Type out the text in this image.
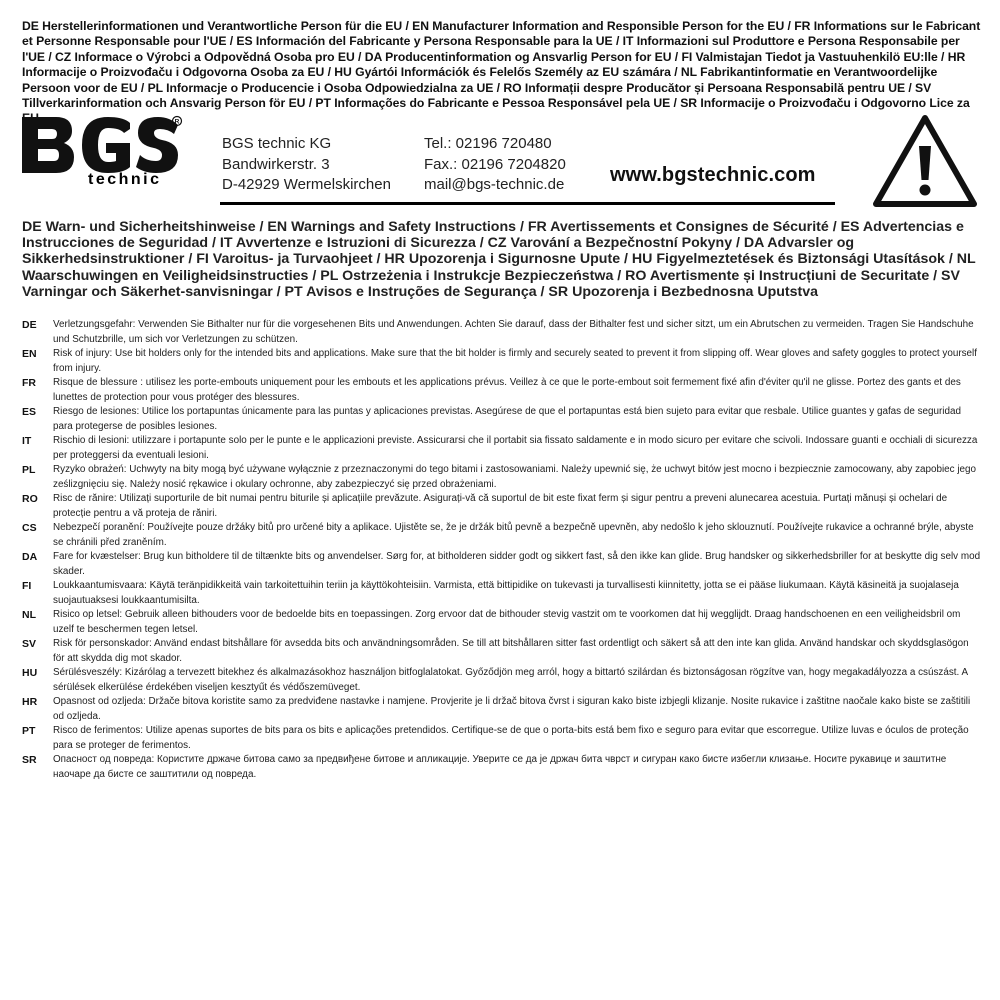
DE Herstellerinformationen und Verantwortliche Person für die EU / EN Manufacturer Information and Responsible Person for the EU / FR Informations sur le Fabricant et Personne Responsable pour l'UE / ES Información del Fabricante y Persona Responsable para la UE / IT Informazioni sul Produttore e Persona Responsabile per l'UE / CZ Informace o Výrobci a Odpovědná Osoba pro EU / DA Producentinformation og Ansvarlig Person for EU / FI Valmistajan Tiedot ja Vastuuhenkilö EU:lle / HR Informacije o Proizvođaču i Odgovorna Osoba za EU / HU Gyártói Információk és Felelős Személy az EU számára / NL Fabrikantinformatie en Verantwoordelijke Persoon voor de EU / PL Informacje o Producencie i Osoba Odpowiedzialna za UE / RO Informații despre Producător și Persoana Responsabilă pentru UE / SV Tillverkarinformation och Ansvarig Person för EU / PT Informações do Fabricante e Pessoa Responsável pela UE / SR Informacije o Proizvođaču i Odgovorno Lice za
R
technic
BGS technic KG
Bandwirkerstr. 3
D-42929 Wermelskirchen
Tel.: 02196 720480
Fax.: 02196 7204820
mail@bgs-technic.de www.bgstechnic.com
DE Warn- und Sicherheitshinweise / EN Warnings and Safety Instructions / FR Avertissements et Consignes de Sécurité / ES Advertencias e Instrucciones de Seguridad / IT Avvertenze e Istruzioni di Sicurezza / CZ Varování a Bezpečnostní Pokyny / DA Advarsler og Sikkerhedsinstruktioner / FI Varoitus- ja Turvaohjeet / HR Upozorenja i Sigurnosne Upute / HU Figyelmeztetések és Biztonsági Utasítások / NL Waarschuwingen en Veiligheidsinstructies / PL Ostrzeżenia i Instrukcje Bezpieczeństwa / RO Avertismente și Instrucțiuni de Securitate / SV Varningar och Säkerhet-sanvisningar / PT Avisos e Instruções de Segurança / SR Upozorenja i Bezbednosna Uputstva
DE	Verletzungsgefahr: Verwenden Sie Bithalter nur für die vorgesehenen Bits und Anwendungen. Achten Sie darauf, dass der Bithalter fest und sicher sitzt, um ein Abrutschen zu vermeiden. Tragen Sie Handschuhe und Schutzbrille, um sich vor Verletzungen zu schützen.
EN	Risk of injury: Use bit holders only for the intended bits and applications. Make sure that the bit holder is firmly and securely seated to prevent it from slipping off. Wear gloves and safety goggles to protect yourself from injury.
FR	Risque de blessure : utilisez les porte-embouts uniquement pour les embouts et les applications prévus. Veillez à ce que le porte-embout soit fermement fixé afin d'éviter qu'il ne glisse. Portez des gants et des lunettes de protection pour vous protéger des blessures.
ES	Riesgo de lesiones: Utilice los portapuntas únicamente para las puntas y aplicaciones previstas. Asegúrese de que el portapuntas está bien sujeto para evitar que resbale. Utilice guantes y gafas de seguridad para protegerse de posibles lesiones.
IT	Rischio di lesioni: utilizzare i portapunte solo per le punte e le applicazioni previste. Assicurarsi che il portabit sia fissato saldamente e in modo sicuro per evitare che scivoli. Indossare guanti e occhiali di sicurezza per proteggersi da eventuali lesioni.
PL	Ryzyko obrażeń: Uchwyty na bity mogą być używane wyłącznie z przeznaczonymi do tego bitami i zastosowaniami. Należy upewnić się, że uchwyt bitów jest mocno i bezpiecznie zamocowany, aby zapobiec jego ześlizgnięciu się. Należy nosić rękawice i okulary ochronne, aby zabezpieczyć się przed obrażeniami.
RO	Risc de rănire: Utilizați suporturile de bit numai pentru biturile și aplicațiile prevăzute. Asigurați-vă că suportul de bit este fixat ferm și sigur pentru a preveni alunecarea acestuia. Purtați mănuși și ochelari de protecție pentru a vă proteja de răniri.
CS	Nebezpečí poranění: Používejte pouze držáky bitů pro určené bity a aplikace. Ujistěte se, že je držák bitů pevně a bezpečně upevněn, aby nedošlo k jeho sklouznutí. Používejte rukavice a ochranné brýle, abyste se chránili před zraněním.
DA	Fare for kvæstelser: Brug kun bitholdere til de tiltænkte bits og anvendelser. Sørg for, at bitholderen sidder godt og sikkert fast, så den ikke kan glide. Brug handsker og sikkerhedsbriller for at beskytte dig selv mod skader.
FI	Loukkaantumisvaara: Käytä teränpidikkeitä vain tarkoitettuihin teriin ja käyttökohteisiin. Varmista, että bittipidike on tukevasti ja turvallisesti kiinnitetty, jotta se ei pääse liukumaan. Käytä käsineitä ja suojalaseja suojautuaksesi loukkaantumisilta.
NL	Risico op letsel: Gebruik alleen bithouders voor de bedoelde bits en toepassingen. Zorg ervoor dat de bithouder stevig vastzit om te voorkomen dat hij wegglijdt. Draag handschoenen en een veiligheidsbril om uzelf te beschermen tegen letsel.
SV	Risk för personskador: Använd endast bitshållare för avsedda bits och användningsområden. Se till att bitshållaren sitter fast ordentligt och säkert så att den inte kan glida. Använd handskar och skyddsglasögon för att skydda dig mot skador.
HU	Sérülésveszély: Kizárólag a tervezett bitekhez és alkalmazásokhoz használjon bitfoglalatokat. Győződjön meg arról, hogy a bittartó szilárdan és biztonságosan rögzítve van, hogy megakadályozza a csúszást. A sérülések elkerülése érdekében viseljen kesztyűt és védőszemüveget.
HR	Opasnost od ozljeda: Držače bitova koristite samo za predviđene nastavke i namjene. Provjerite je li držač bitova čvrst i siguran kako biste izbjegli klizanje. Nosite rukavice i zaštitne naočale kako biste se zaštitili od ozljeda.
PT	Risco de ferimentos: Utilize apenas suportes de bits para os bits e aplicações pretendidos. Certifique-se de que o porta-bits está bem fixo e seguro para evitar que escorregue. Utilize luvas e óculos de proteção para se proteger de ferimentos.
SR	Опасност од повреда: Користите држаче битова само за предвиђене битове и апликације. Уверите се да је држач бита чврст и сигуран како бисте избегли клизање. Носите рукавице и заштитне наочаре да бисте се заштитили од повреда.
